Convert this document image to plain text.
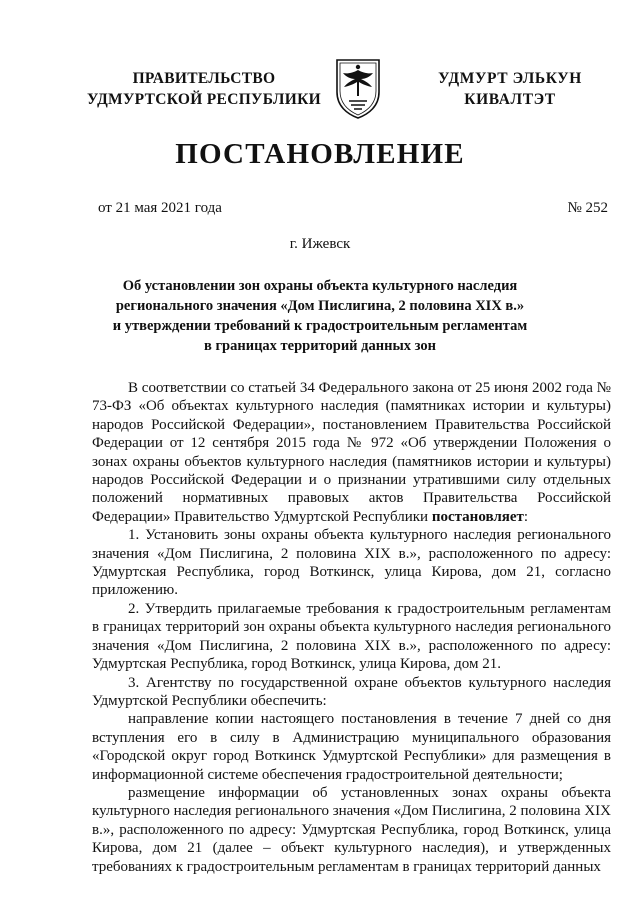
ПРАВИТЕЛЬСТВО
УДМУРТСКОЙ РЕСПУБЛИКИ
УДМУРТ ЭЛЬКУН
КИВАЛТЭТ
ПОСТАНОВЛЕНИЕ
от 21 мая 2021 года	№ 252
г. Ижевск
Об установлении зон охраны объекта культурного наследия
регионального значения «Дом Пислигина, 2 половина XIX в.»
и утверждении требований к градостроительным регламентам
в границах территорий данных зон

В соответствии со статьей 34 Федерального закона от 25 июня 2002 года № 73-ФЗ «Об объектах культурного наследия (памятниках истории и культуры) народов Российской Федерации», постановлением Правительства Российской Федерации от 12 сентября 2015 года № 972 «Об утверждении Положения о зонах охраны объектов культурного наследия (памятников истории и культуры) народов Российской Федерации и о признании утратившими силу отдельных положений нормативных правовых актов Правительства Российской Федерации» Правительство Удмуртской Республики постановляет:

1. Установить зоны охраны объекта культурного наследия регионального значения «Дом Пислигина, 2 половина XIX в.», расположенного по адресу: Удмуртская Республика, город Воткинск, улица Кирова, дом 21, согласно приложению.

2. Утвердить прилагаемые требования к градостроительным регламентам в границах территорий зон охраны объекта культурного наследия регионального значения «Дом Пислигина, 2 половина XIX в.», расположенного по адресу: Удмуртская Республика, город Воткинск, улица Кирова, дом 21.

3. Агентству по государственной охране объектов культурного наследия Удмуртской Республики обеспечить:

направление копии настоящего постановления в течение 7 дней со дня вступления его в силу в Администрацию муниципального образования «Городской округ город Воткинск Удмуртской Республики» для размещения в информационной системе обеспечения градостроительной деятельности;

размещение информации об установленных зонах охраны объекта культурного наследия регионального значения «Дом Пислигина, 2 половина XIX в.», расположенного по адресу: Удмуртская Республика, город Воткинск, улица Кирова, дом 21 (далее – объект культурного наследия), и утвержденных требованиях к градостроительным регламентам в границах территорий данных
